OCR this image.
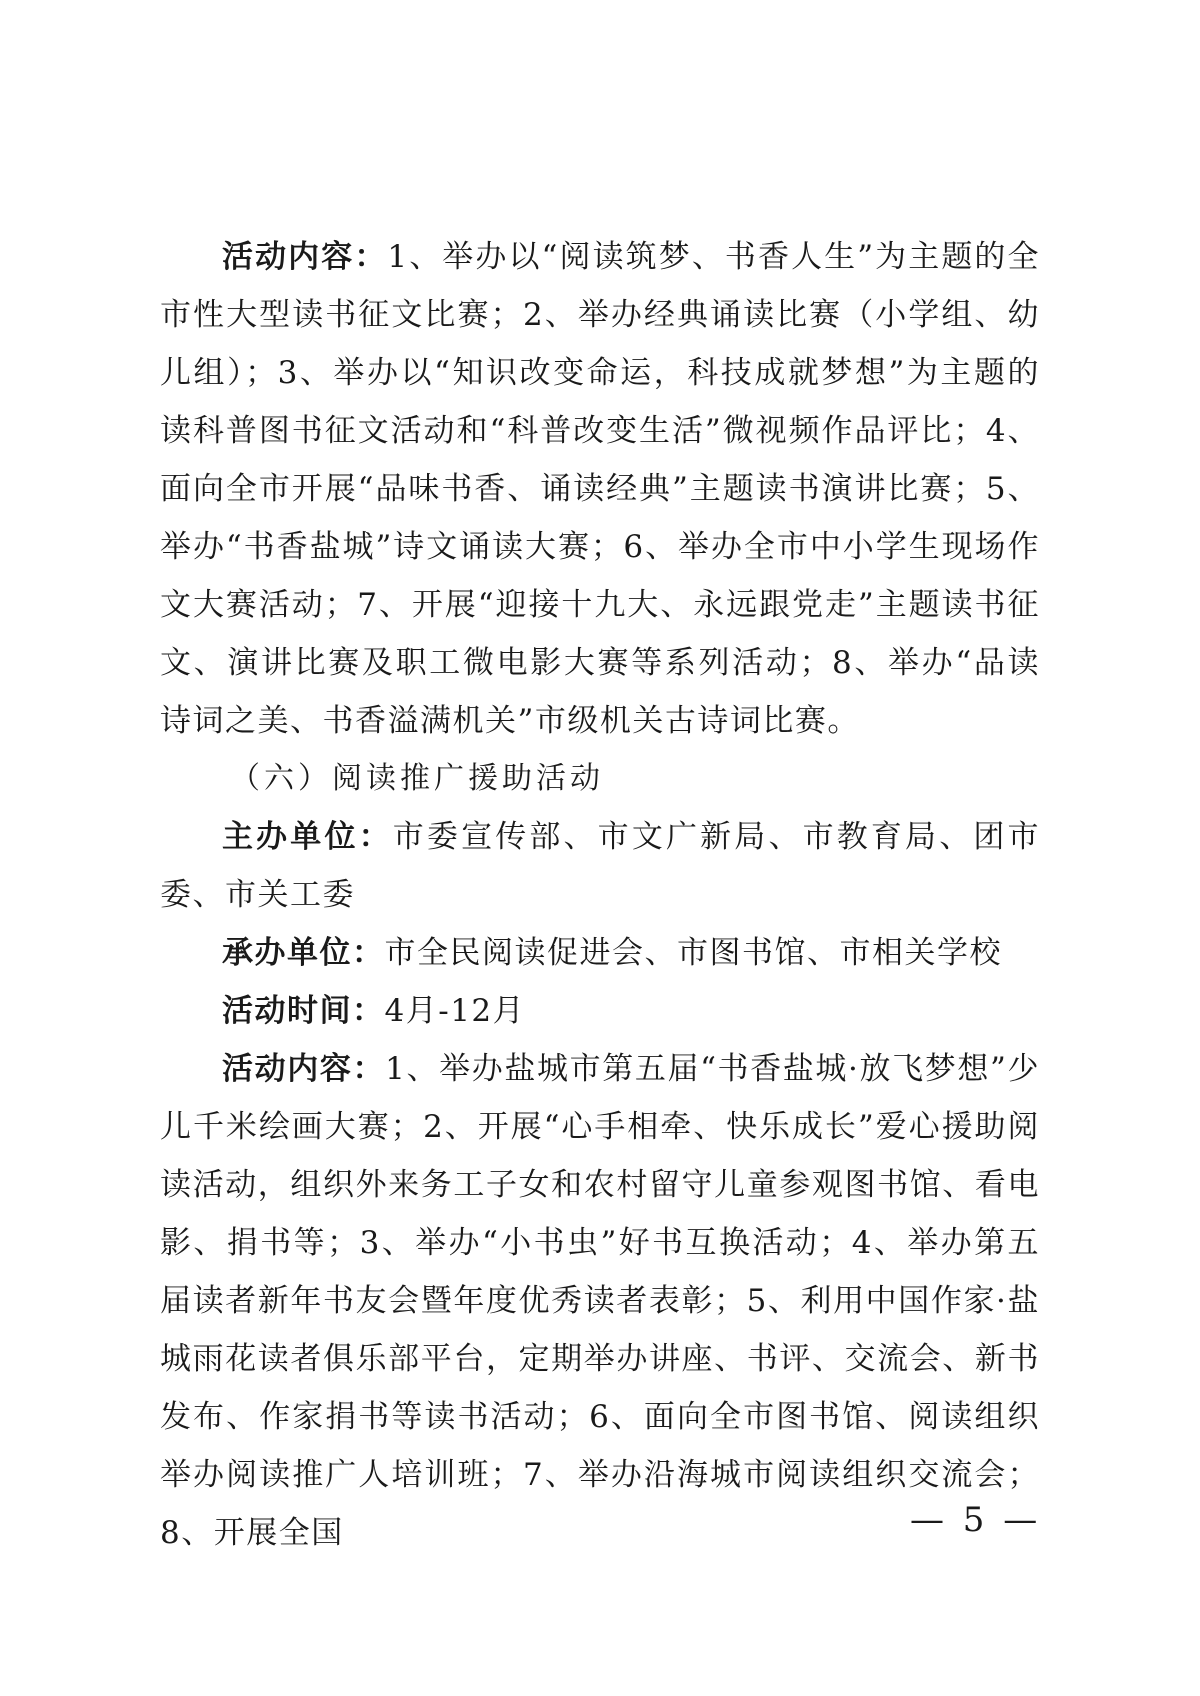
活动内容：1、举办以“阅读筑梦、书香人生”为主题的全市性大型读书征文比赛；2、举办经典诵读比赛（小学组、幼儿组）；3、举办以“知识改变命运，科技成就梦想”为主题的读科普图书征文活动和“科普改变生活”微视频作品评比；4、面向全市开展“品味书香、诵读经典”主题读书演讲比赛；5、举办“书香盐城”诗文诵读大赛；6、举办全市中小学生现场作文大赛活动；7、开展“迎接十九大、永远跟党走”主题读书征文、演讲比赛及职工微电影大赛等系列活动；8、举办“品读诗词之美、书香溢满机关”市级机关古诗词比赛。

（六）阅读推广援助活动

主办单位：市委宣传部、市文广新局、市教育局、团市委、市关工委

承办单位：市全民阅读促进会、市图书馆、市相关学校

活动时间：4月-12月

活动内容：1、举办盐城市第五届“书香盐城·放飞梦想”少儿千米绘画大赛；2、开展“心手相牵、快乐成长”爱心援助阅读活动，组织外来务工子女和农村留守儿童参观图书馆、看电影、捐书等；3、举办“小书虫”好书互换活动；4、举办第五届读者新年书友会暨年度优秀读者表彰；5、利用中国作家·盐城雨花读者俱乐部平台，定期举办讲座、书评、交流会、新书发布、作家捐书等读书活动；6、面向全市图书馆、阅读组织举办阅读推广人培训班；7、举办沿海城市阅读组织交流会；8、开展全国	— 5 —
